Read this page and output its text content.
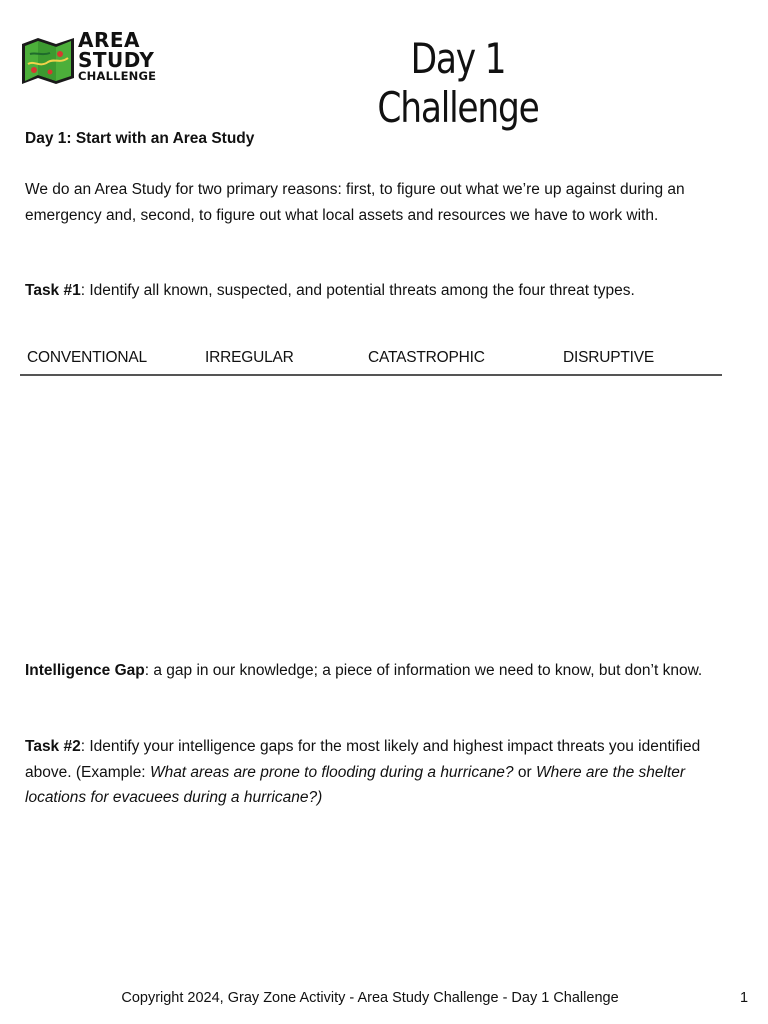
AREA
STUDY
CHALLENGE	Day 1 Challenge

Day 1: Start with an Area Study

We do an Area Study for two primary reasons: first, to figure out what we’re up against during an emergency and, second, to figure out what local assets and resources we have to work with.

Task #1: Identify all known, suspected, and potential threats among the four threat types.

CONVENTIONAL	IRREGULAR	CATASTROPHIC	DISRUPTIVE

Intelligence Gap: a gap in our knowledge; a piece of information we need to know, but don’t know.

Task #2: Identify your intelligence gaps for the most likely and highest impact threats you identified above. (Example: What areas are prone to flooding during a hurricane? or Where are the shelter locations for evacuees during a hurricane?)

Copyright 2024, Gray Zone Activity - Area Study Challenge - Day 1 Challenge	1
